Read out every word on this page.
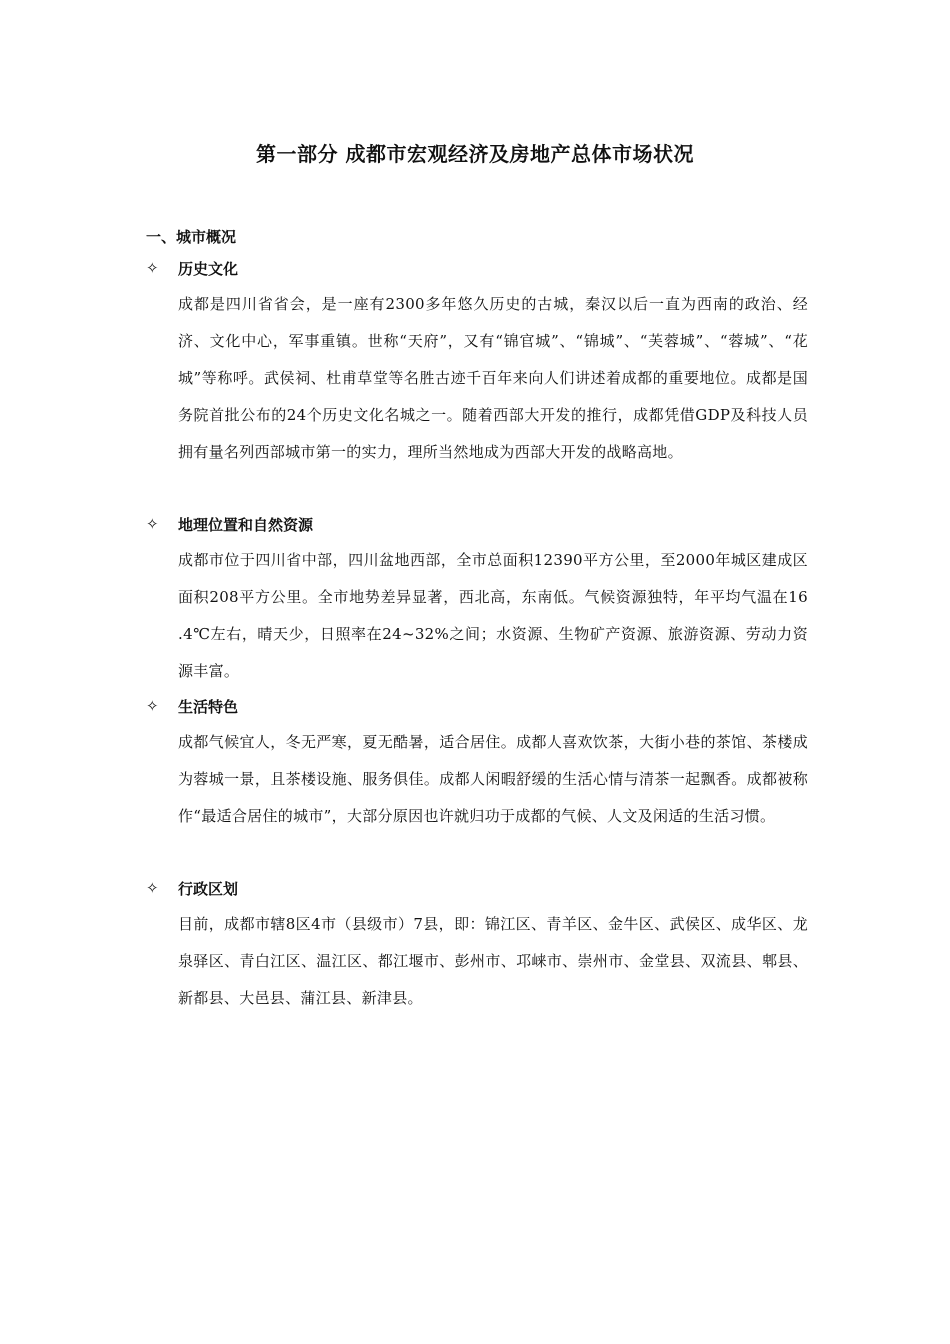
第一部分 成都市宏观经济及房地产总体市场状况
一、城市概况
✧	历史文化

成都是四川省省会，是一座有2300多年悠久历史的古城，秦汉以后一直为西南的政治、经济、文化中心，军事重镇。世称“天府”，又有“锦官城”、“锦城”、“芙蓉城”、“蓉城”、“花城”等称呼。武侯祠、杜甫草堂等名胜古迹千百年来向人们讲述着成都的重要地位。成都是国务院首批公布的24个历史文化名城之一。随着西部大开发的推行，成都凭借GDP及科技人员拥有量名列西部城市第一的实力，理所当然地成为西部大开发的战略高地。

✧	地理位置和自然资源

成都市位于四川省中部，四川盆地西部，全市总面积12390平方公里，至2000年城区建成区面积208平方公里。全市地势差异显著，西北高，东南低。气候资源独特，年平均气温在16 .4℃左右，晴天少，日照率在24~32%之间；水资源、生物矿产资源、旅游资源、劳动力资源丰富。

✧	生活特色

成都气候宜人，冬无严寒，夏无酷暑，适合居住。成都人喜欢饮茶，大街小巷的茶馆、茶楼成为蓉城一景，且茶楼设施、服务俱佳。成都人闲暇舒缓的生活心情与清茶一起飘香。成都被称作“最适合居住的城市”，大部分原因也许就归功于成都的气候、人文及闲适的生活习惯。

✧	行政区划

目前，成都市辖8区4市（县级市）7县，即：锦江区、青羊区、金牛区、武侯区、成华区、龙泉驿区、青白江区、温江区、都江堰市、彭州市、邛崃市、崇州市、金堂县、双流县、郫县、新都县、大邑县、蒲江县、新津县。
